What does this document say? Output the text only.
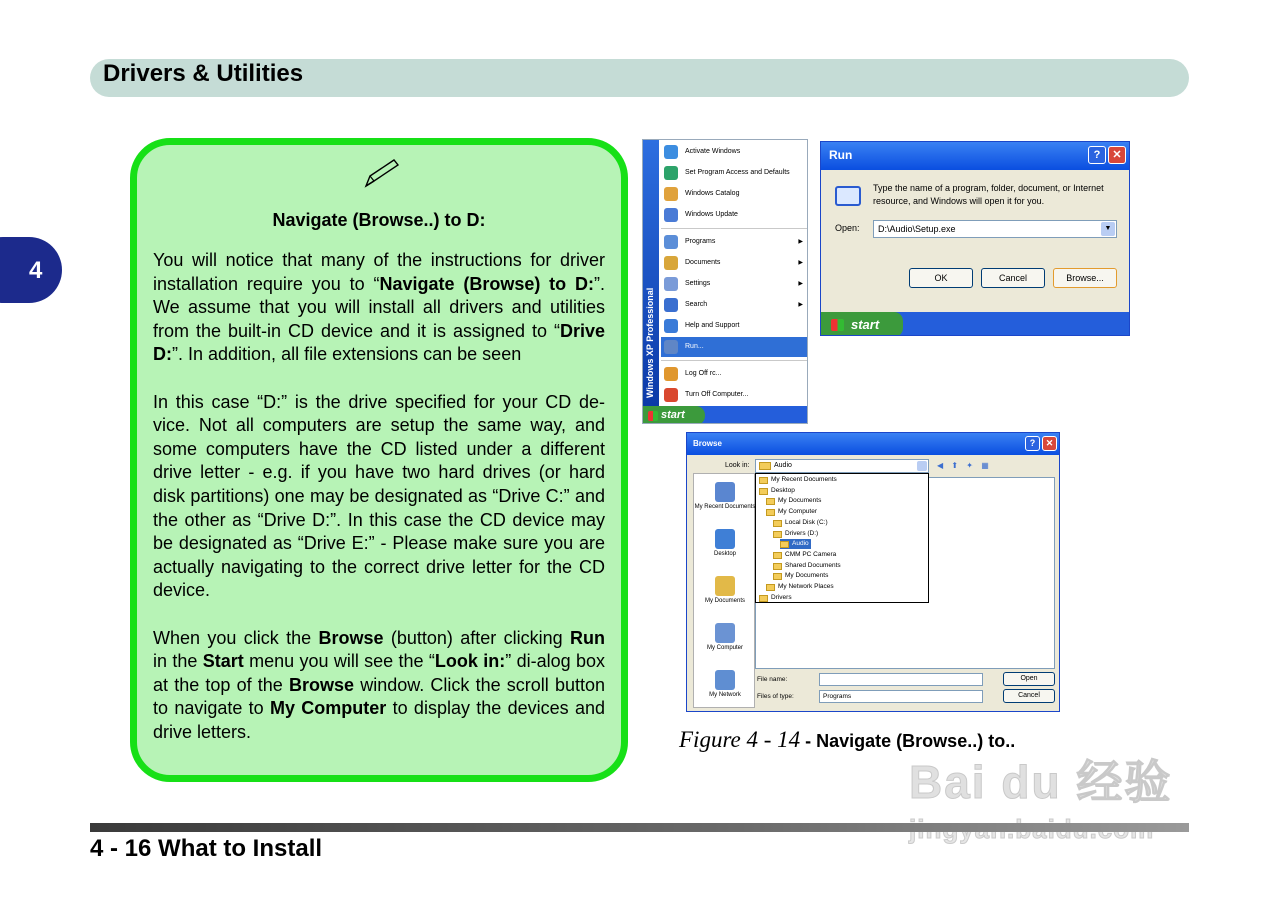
Drivers & Utilities
4
Navigate (Browse..) to D:

You will notice that many of the instructions for driver installation require you to “Navigate (Browse) to D:”. We assume that you will install all drivers and utilities from the built-in CD device and it is assigned to “Drive D:”. In addition, all file extensions can be seen

In this case “D:” is the drive specified for your CD de-vice. Not all computers are setup the same way, and some computers have the CD listed under a different drive letter - e.g. if you have two hard drives (or hard disk partitions) one may be designated as “Drive C:” and the other as “Drive D:”. In this case the CD device may be designated as “Drive E:” - Please make sure you are actually navigating to the correct drive letter for the CD device.

When you click the Browse (button) after clicking Run in the Start menu you will see the “Look in:” di-alog box at the top of the Browse window. Click the scroll button to navigate to My Computer to display the devices and drive letters.

Windows XP Professional
Activate Windows
Set Program Access and Defaults
Windows Catalog
Windows Update
Programs	▶
Documents	▶
Settings	▶
Search	▶
Help and Support
Run...
Log Off rc...
Turn Off Computer...
start
Run	?	✕
Type the name of a program, folder, document, or Internet resource, and Windows will open it for you.
Open:	D:\Audio\Setup.exe	▼
OK	Cancel	Browse...
start
Browse	?	✕
Look in:	Audio	◀ ⬆ ✦ ▦
My Recent Documents
Desktop
My Documents
My Computer
My Network
My Recent Documents
Desktop
My Documents
My Computer
Local Disk (C:)
Drivers (D:)
Audio
CMM PC Camera
Shared Documents
My Documents
My Network Places
Drivers
File name:
Files of type:	Programs
Open
Cancel
Figure 4 - 14 - Navigate (Browse..) to..
Bai du 经验
4 - 16 What to Install
